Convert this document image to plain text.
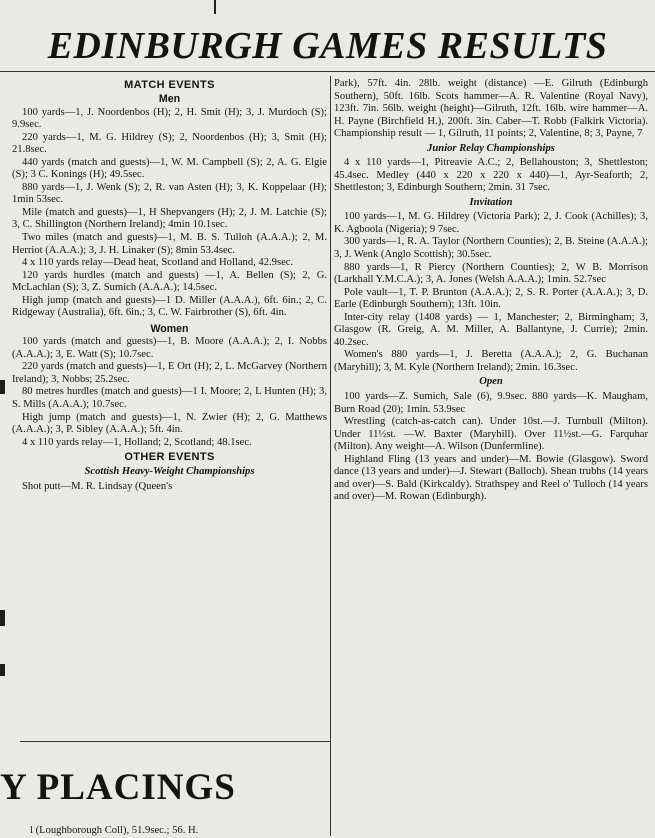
EDINBURGH GAMES RESULTS
MATCH EVENTS
Men

100 yards—1, J. Noordenbos (H); 2, H. Smit (H); 3, J. Murdoch (S); 9.9sec.

220 yards—1, M. G. Hildrey (S); 2, Noordenbos (H); 3, Smit (H); 21.8sec.

440 yards (match and guests)—1, W. M. Campbell (S); 2, A. G. Elgie (S); 3 C. Konings (H); 49.5sec.

880 yards—1, J. Wenk (S); 2, R. van Asten (H); 3, K. Koppelaar (H); 1min 53sec.

Mile (match and guests)—1, H Shepvangers (H); 2, J. M. Latchie (S); 3, C. Shillington (Northern Ireland); 4min 10.1sec.

Two miles (match and guests)—1, M. B. S. Tulloh (A.A.A.); 2, M. Herriot (A.A.A.); 3, J. H. Linaker (S); 8min 53.4sec.

4 x 110 yards relay—Dead heat, Scotland and Holland, 42.9sec.

120 yards hurdles (match and guests) —1, A. Bellen (S); 2, G. McLachlan (S); 3, Z. Sumich (A.A.A.); 14.5sec.

High jump (match and guests)—1 D. Miller (A.A.A.), 6ft. 6in.; 2, C. Ridgeway (Australia), 6ft. 6in.; 3, C. W. Fairbrother (S), 6ft. 4in.

Women

100 yards (match and guests)—1, B. Moore (A.A.A.); 2, I. Nobbs (A.A.A.); 3, E. Watt (S); 10.7sec.

220 yards (match and guests)—1, E Ort (H); 2, L. McGarvey (Northern Ireland); 3, Nobbs; 25.2sec.

80 metres hurdles (match and guests)—1 I. Moore; 2, L Hunten (H); 3, S. Mills (A.A.A.); 10.7sec.

High jump (match and guests)—1, N. Zwier (H); 2, G. Matthews (A.A.A.); 3, P. Sibley (A.A.A.); 5ft. 4in.

4 x 110 yards relay—1, Holland; 2, Scotland; 48.1sec.

OTHER EVENTS
Scottish Heavy-Weight Championships

Shot putt—M. R. Lindsay (Queen's

Park), 57ft. 4in. 28lb. weight (distance) —E. Gilruth (Edinburgh Southern), 50ft. 16lb. Scots hammer—A. R. Valentine (Royal Navy), 123ft. 7in. 56lb. weight (height)—Gilruth, 12ft. 16lb. wire hammer—A. H. Payne (Birchfield H.), 200ft. 3in. Caber—T. Robb (Falkirk Victoria). Championship result — 1, Gilruth, 11 points; 2, Valentine, 8; 3, Payne, 7

Junior Relay Championships

4 x 110 yards—1, Pitreavie A.C.; 2, Bellahouston; 3, Shettleston; 45.4sec. Medley (440 x 220 x 220 x 440)—1, Ayr-Seaforth; 2, Shettleston; 3, Edinburgh Southern; 2min. 31 7sec.

Invitation

100 yards—1, M. G. Hildrey (Victoria Park); 2, J. Cook (Achilles); 3, K. Agboola (Nigeria); 9 7sec.

300 yards—1, R. A. Taylor (Northern Counties); 2, B. Steine (A.A.A.); 3, J. Wenk (Anglo Scottish); 30.5sec.

880 yards—1, R Piercy (Northern Counties); 2, W B. Morrison (Larkhall Y.M.C.A.); 3, A. Jones (Welsh A.A.A.); 1min. 52.7sec

Pole vault—1, T. P. Brunton (A.A.A.); 2, S. R. Porter (A.A.A.); 3, D. Earle (Edinburgh Southern); 13ft. 10in.

Inter-city relay (1408 yards) — 1, Manchester; 2, Birmingham; 3, Glasgow (R. Greig, A. M. Miller, A. Ballantyne, J. Currie); 2min. 40.2sec.

Women's 880 yards—1, J. Beretta (A.A.A.); 2, G. Buchanan (Maryhill); 3, M. Kyle (Northern Ireland); 2min. 16.3sec.

Open

100 yards—Z. Sumich, Sale (6), 9.9sec. 880 yards—K. Maugham, Burn Road (20); 1min. 53.9sec

Wrestling (catch-as-catch can). Under 10st.—J. Turnbull (Milton). Under 11½st. —W. Baxter (Maryhill). Over 11½st.—G. Farquhar (Milton). Any weight—A. Wilson (Dunfermline).

Highland Fling (13 years and under)—M. Bowie (Glasgow). Sword dance (13 years and under)—J. Stewart (Balloch). Shean trubhs (14 years and over)—S. Bald (Kirkcaldy). Strathspey and Reel o' Tulloch (14 years and over)—M. Rowan (Edinburgh).

Y PLACINGS
l (Loughborough Coll), 51.9sec.; 56. H.
